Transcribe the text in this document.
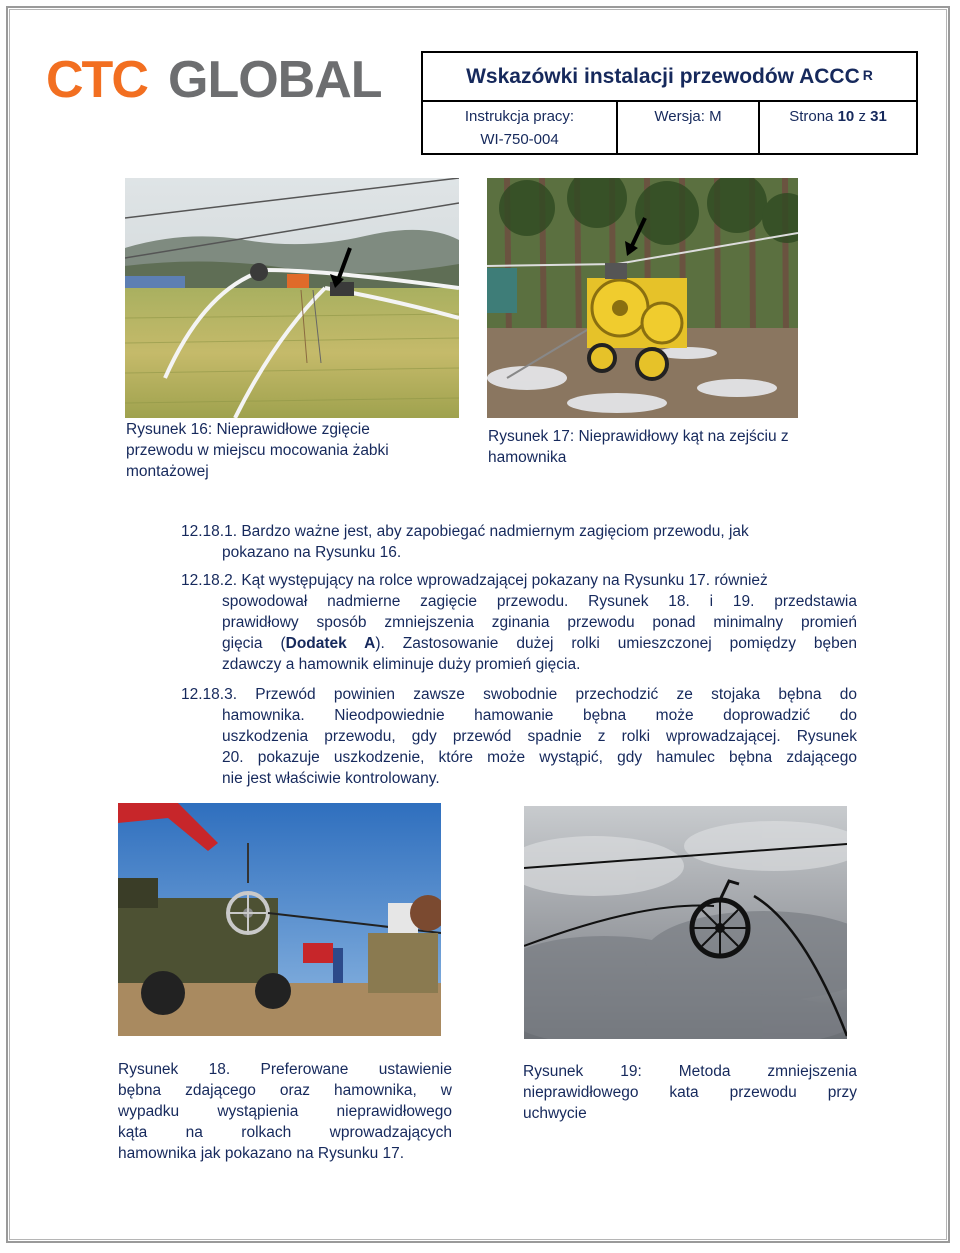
CTC GLOBAL	Wskazówki instalacji przewodów $ACCC^R$
Instrukcja pracy:
WI-750-004
Wersja: M	Strona 10 z 31
Rysunek 16: Nieprawidłowe zgięcie
przewodu w miejscu mocowania żabki
montażowej
Rysunek 17: Nieprawidłowy kąt na zejściu z
hamownika
12.18.1. Bardzo ważne jest, aby zapobiegać nadmiernym zagięciom przewodu, jak
pokazano na Rysunku 16.
12.18.2. Kąt występujący na rolce wprowadzającej pokazany na Rysunku 17. również
spowodował nadmierne zagięcie przewodu. Rysunek 18. i 19. przedstawia
prawidłowy sposób zmniejszenia zginania przewodu ponad minimalny promień
gięcia (Dodatek A). Zastosowanie dużej rolki umieszczonej pomiędzy bęben
zdawczy a hamownik eliminuje duży promień gięcia.
12.18.3. Przewód powinien zawsze swobodnie przechodzić ze stojaka bębna do
hamownika. Nieodpowiednie hamowanie bębna może doprowadzić do
uszkodzenia przewodu, gdy przewód spadnie z rolki wprowadzającej. Rysunek
20. pokazuje uszkodzenie, które może wystąpić, gdy hamulec bębna zdającego
nie jest właściwie kontrolowany.
Rysunek 18. Preferowane ustawienie
bębna zdającego oraz hamownika, w
wypadku wystąpienia nieprawidłowego
kąta na rolkach wprowadzających
hamownika jak pokazano na Rysunku 17.
Rysunek 19: Metoda zmniejszenia
nieprawidłowego kata przewodu przy
uchwycie
